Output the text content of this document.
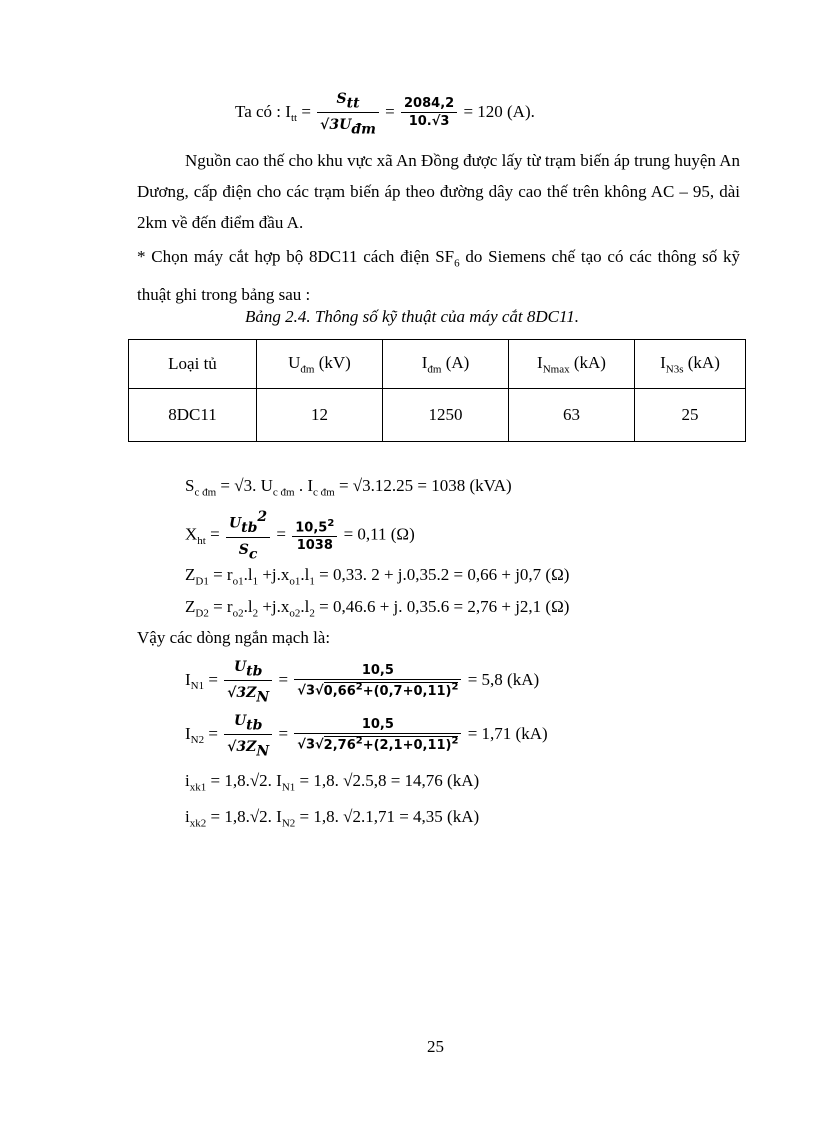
Ta có : $I_{tt} = \frac{S_{tt}}{√3U_{đm}} = \frac{2084,2}{10.√3} = 120$ (A).
Nguồn cao thế cho khu vực xã An Đồng được lấy từ trạm biến áp trung huyện An Dương, cấp điện cho các trạm biến áp theo đường dây cao thế trên không AC – 95, dài 2km về đến điểm đầu A.
* Chọn máy cắt hợp bộ 8DC11 cách điện $SF_6$ do Siemens chế tạo có các thông số kỹ thuật ghi trong bảng sau :
Bảng 2.4. Thông số kỹ thuật của máy cắt 8DC11.
Loại tủ	$U_{đm}$ (kV)	$I_{đm}$ (A)	$I_{Nmax}$ (kA)	$I_{N3s}$ (kA)
8DC11	12	1250	63	25
$S_{c đm} = √3$. $U_{c đm}$ . $I_{c đm} = √3.12.25 = 1038$ (kVA)
$X_{ht} = \frac{U_{tb}^2}{S_c} = \frac{10,5^2}{1038} = 0,11$ (Ω)
$Z_{D1} = r_{o1}.l_1 +j.x_{o1}.l_1 = 0,33$. 2 + j.0,35.2 = 0,66 + j0,7 (Ω)
$Z_{D2} = r_{o2}.l_2 +j.x_{o2}.l_2 = 0,46.6 + j$. 0,35.6 = 2,76 + j2,1 (Ω)
Vậy các dòng ngắn mạch là:
$I_{N1} = \frac{U_{tb}}{√3Z_N} = \frac{10,5}{√3√0,66^2+(0,7+0,11)^2} = 5,8$ (kA)
$I_{N2} = \frac{U_{tb}}{√3Z_N} = \frac{10,5}{√3√2,76^2+(2,1+0,11)^2} = 1,71$ (kA)
$i_{xk1} = 1,8.√2$. $I_{N1} = 1,8$. √2.5,8 = 14,76 (kA)
$i_{xk2} = 1,8.√2$. $I_{N2} = 1,8$. √2.1,71 = 4,35 (kA)
25
